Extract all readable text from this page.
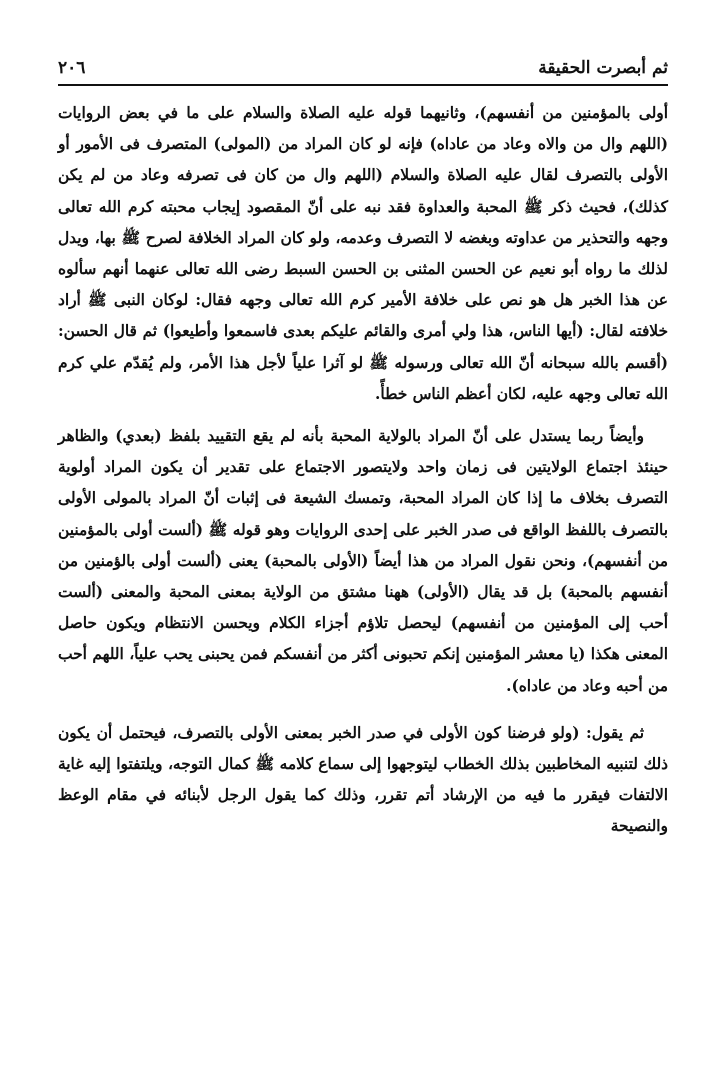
ثم أبصرت الحقيقة
٢٠٦

أولى بالمؤمنين من أنفسهم)، وثانيهما قوله عليه الصلاة والسلام على ما في بعض الروايات (اللهم وال من والاه وعاد من عاداه) فإنه لو كان المراد من (المولى) المتصرف فى الأمور أو الأولى بالتصرف لقال عليه الصلاة والسلام (اللهم وال من كان فى تصرفه وعاد من لم يكن كذلك)، فحيث ذكر ﷺ المحبة والعداوة فقد نبه على أنّ المقصود إيجاب محبته كرم الله تعالى وجهه والتحذير من عداوته وبغضه لا التصرف وعدمه، ولو كان المراد الخلافة لصرح ﷺ بها، ويدل لذلك ما رواه أبو نعيم عن الحسن المثنى بن الحسن السبط رضى الله تعالى عنهما أنهم سألوه عن هذا الخبر هل هو نص على خلافة الأمير كرم الله تعالى وجهه فقال: لوكان النبى ﷺ أراد خلافته لقال: (أيها الناس، هذا ولي أمرى والقائم عليكم بعدى فاسمعوا وأطيعوا) ثم قال الحسن: (أقسم بالله سبحانه أنّ الله تعالى ورسوله ﷺ لو آثرا علياً لأجل هذا الأمر، ولم يُقدّم علي كرم الله تعالى وجهه عليه، لكان أعظم الناس خطأً.

وأيضاً ربما يستدل على أنّ المراد بالولاية المحبة بأنه لم يقع التقييد بلفظ (بعدي) والظاهر حينئذ اجتماع الولايتين فى زمان واحد ولايتصور الاجتماع على تقدير أن يكون المراد أولوية التصرف بخلاف ما إذا كان المراد المحبة، وتمسك الشيعة فى إثبات أنّ المراد بالمولى الأولى بالتصرف باللفظ الواقع فى صدر الخبر على إحدى الروايات وهو قوله ﷺ (ألست أولى بالمؤمنين من أنفسهم)، ونحن نقول المراد من هذا أيضاً (الأولى بالمحبة) يعنى (ألست أولى بالؤمنين من أنفسهم بالمحبة) بل قد يقال (الأولى) ههنا مشتق من الولاية بمعنى المحبة والمعنى (ألست أحب إلى المؤمنين من أنفسهم) ليحصل تلاؤم أجزاء الكلام ويحسن الانتظام ويكون حاصل المعنى هكذا (يا معشر المؤمنين إنكم تحبونى أكثر من أنفسكم فمن يحبنى يحب علياً، اللهم أحب من أحبه وعاد من عاداه).

ثم يقول: (ولو فرضنا كون الأولى في صدر الخبر بمعنى الأولى بالتصرف، فيحتمل أن يكون ذلك لتنبيه المخاطبين بذلك الخطاب ليتوجهوا إلى سماع كلامه ﷺ كمال التوجه، ويلتفتوا إليه غاية الالتفات فيقرر ما فيه من الإرشاد أتم تقرر، وذلك كما يقول الرجل لأبنائه في مقام الوعظ والنصيحة
